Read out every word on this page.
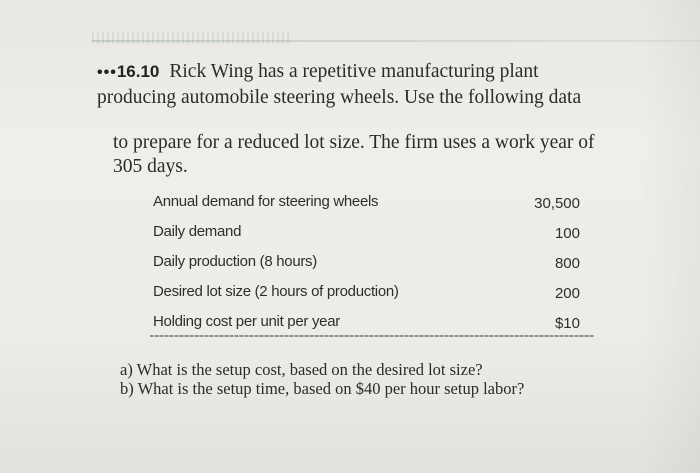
•••16.10 Rick Wing has a repetitive manufacturing plant
producing automobile steering wheels. Use the following data
to prepare for a reduced lot size. The firm uses a work year of
305 days.
Annual demand for steering wheels	30,500
Daily demand	100
Daily production (8 hours)	800
Desired lot size (2 hours of production)	200
Holding cost per unit per year	$10
a) What is the setup cost, based on the desired lot size?
b) What is the setup time, based on $40 per hour setup labor?
